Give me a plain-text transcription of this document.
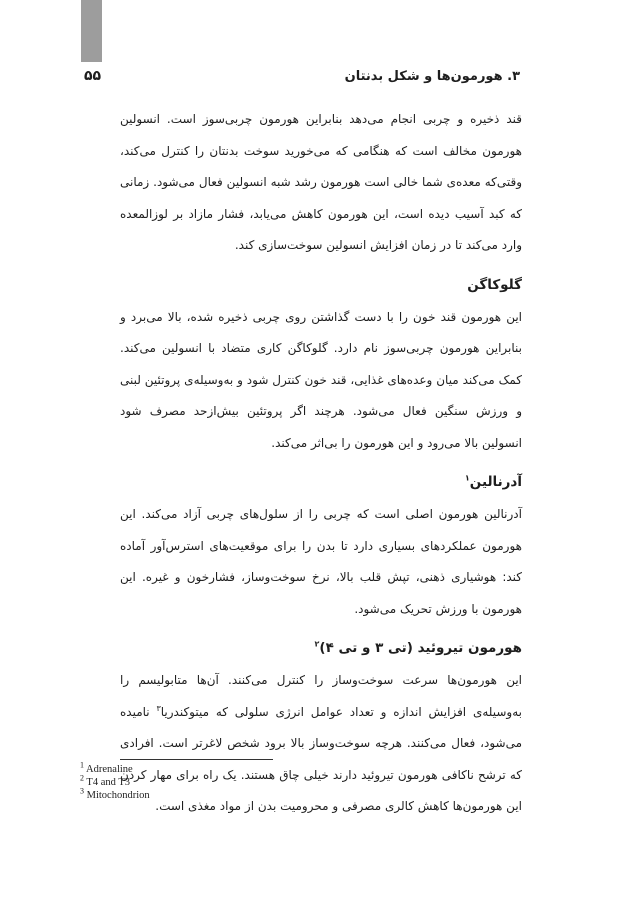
۵۵	۳. هورمون‌ها و شکل بدنتان

قند ذخیره و چربی انجام می‌دهد بنابراین هورمون چربی‌سوز است. انسولین هورمون مخالف است که هنگامی که می‌خورید سوخت بدنتان را کنترل می‌کند، وقتی‌که معده‌ی شما خالی است هورمون رشد شبه انسولین فعال می‌شود. زمانی که کبد آسیب دیده است، این هورمون کاهش می‌یابد، فشار مازاد بر لوزالمعده وارد می‌کند تا در زمان افزایش انسولین سوخت‌سازی کند.

گلوکاگن

این هورمون قند خون را با دست گذاشتن روی چربی ذخیره شده، بالا می‌برد و بنابراین هورمون چربی‌سوز نام دارد. گلوکاگن کاری متضاد با انسولین می‌کند. کمک می‌کند میان وعده‌های غذایی، قند خون کنترل شود و به‌وسیله‌ی پروتئین لبنی و ورزش سنگین فعال می‌شود. هرچند اگر پروتئین بیش‌ازحد مصرف شود انسولین بالا می‌رود و این هورمون را بی‌اثر می‌کند.

آدرنالین$^۱$

آدرنالین هورمون اصلی است که چربی را از سلول‌های چربی آزاد می‌کند. این هورمون عملکردهای بسیاری دارد تا بدن را برای موقعیت‌های استرس‌آور آماده کند: هوشیاری ذهنی، تپش قلب بالا، نرخ سوخت‌وساز، فشارخون و غیره. این هورمون با ورزش تحریک می‌شود.

هورمون تیروئید (تی ۳ و تی ۴)$^۲$

این هورمون‌ها سرعت سوخت‌وساز را کنترل می‌کنند. آن‌ها متابولیسم را به‌وسیله‌ی افزایش اندازه و تعداد عوامل انرژی سلولی که میتوکندریا$^۳$ نامیده می‌شود، فعال می‌کنند. هرچه سوخت‌وساز بالا برود شخص لاغرتر است. افرادی که ترشح ناکافی هورمون تیروئید دارند خیلی چاق هستند. یک راه برای مهار کردن این هورمون‌ها کاهش کالری مصرفی و محرومیت بدن از مواد مغذی است.

$^1$ Adrenaline

$^2$ T4 and T3

$^3$ Mitochondrion
